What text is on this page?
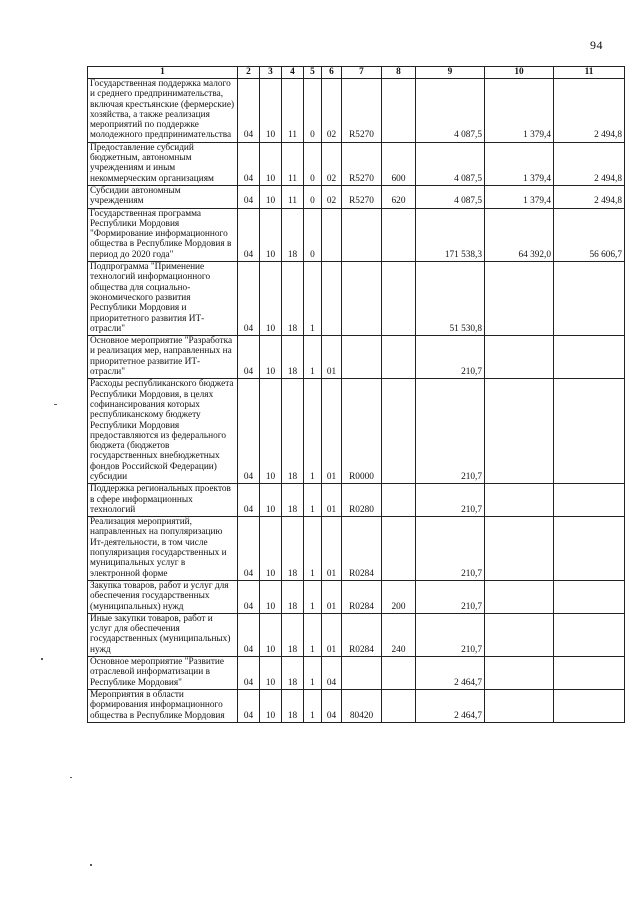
94
1	2	3	4	5	6	7	8	9	10	11
Государственная поддержка малого и среднего предпринимательства, включая крестьянские (фермерские) хозяйства, а также реализация мероприятий по поддержке молодежного предпринимательства	04	10	11	0	02	R5270		4 087,5	1 379,4	2 494,8
Предоставление субсидий бюджетным, автономным учреждениям и иным некоммерческим организациям	04	10	11	0	02	R5270	600	4 087,5	1 379,4	2 494,8
Субсидии автономным учреждениям	04	10	11	0	02	R5270	620	4 087,5	1 379,4	2 494,8
Государственная программа Республики Мордовия "Формирование информационного общества в Республике Мордовия в период до 2020 года"	04	10	18	0				171 538,3	64 392,0	56 606,7
Подпрограмма "Применение технологий информационного общества для социально-экономического развития Республики Мордовия и приоритетного развития ИТ-отрасли"	04	10	18	1				51 530,8		
Основное мероприятие "Разработка и реализация мер, направленных на приоритетное развитие ИТ-отрасли"	04	10	18	1	01			210,7		
Расходы республиканского бюджета Республики Мордовия, в целях софинансирования которых республиканскому бюджету Республики Мордовия предоставляются из федерального бюджета (бюджетов государственных внебюджетных фондов Российской Федерации) субсидии	04	10	18	1	01	R0000		210,7		
Поддержка региональных проектов в сфере информационных технологий	04	10	18	1	01	R0280		210,7		
Реализация мероприятий, направленных на популяризацию Ит-деятельности, в том числе популяризация государственных и муниципальных услуг в электронной форме	04	10	18	1	01	R0284		210,7		
Закупка товаров, работ и услуг для обеспечения государственных (муниципальных) нужд	04	10	18	1	01	R0284	200	210,7		
Иные закупки товаров, работ и услуг для обеспечения государственных (муниципальных) нужд	04	10	18	1	01	R0284	240	210,7		
Основное мероприятие "Развитие отраслевой информатизации в Республике Мордовия"	04	10	18	1	04			2 464,7		
Мероприятия в области формирования информационного общества в Республике Мордовия	04	10	18	1	04	80420		2 464,7		
